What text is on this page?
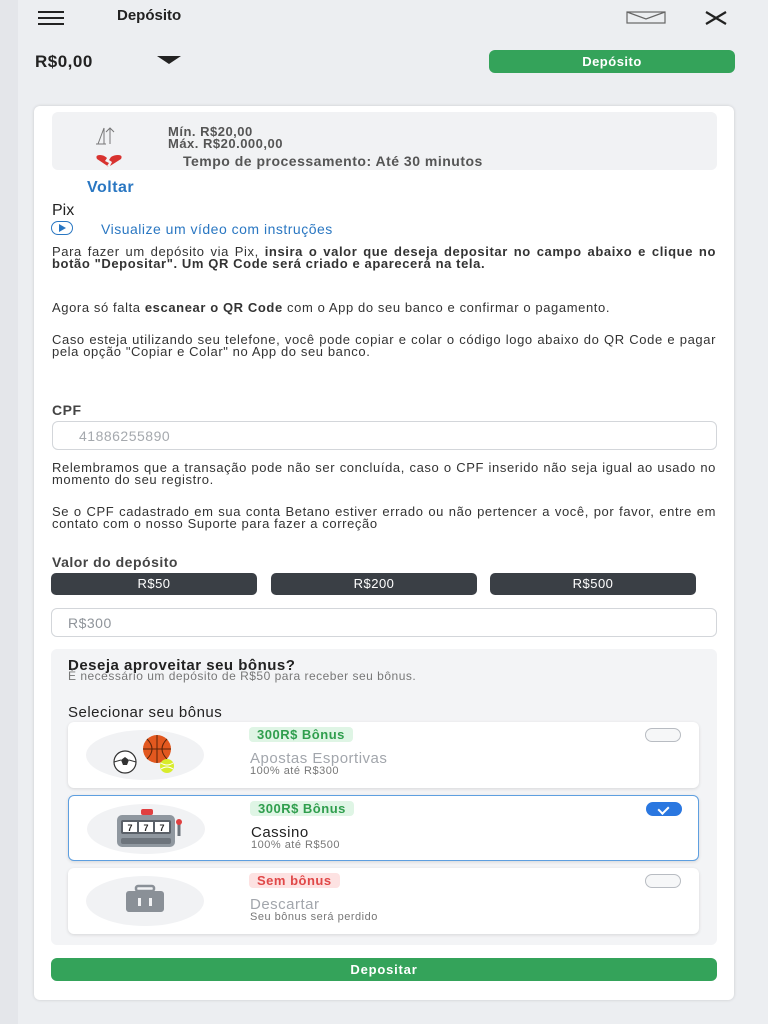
Depósito
R$0,00	Depósito
Mín. R$20,00
Máx. R$20.000,00
Tempo de processamento: Até 30 minutos
Voltar
Pix
Visualize um vídeo com instruções
Para fazer um depósito via Pix, insira o valor que deseja depositar no campo abaixo e clique no botão "Depositar". Um QR Code será criado e aparecerá na tela.
Agora só falta escanear o QR Code com o App do seu banco e confirmar o pagamento.
Caso esteja utilizando seu telefone, você pode copiar e colar o código logo abaixo do QR Code e pagar pela opção "Copiar e Colar" no App do seu banco.
CPF
41886255890
Relembramos que a transação pode não ser concluída, caso o CPF inserido não seja igual ao usado no momento do seu registro.
Se o CPF cadastrado em sua conta Betano estiver errado ou não pertencer a você, por favor, entre em contato com o nosso Suporte para fazer a correção
Valor do depósito
R$50	R$200	R$500
R$300
Deseja aproveitar seu bônus?
É necessário um depósito de R$50 para receber seu bônus.
Selecionar seu bônus
300R$ Bônus
Apostas Esportivas
100% até R$300
7 7 7
300R$ Bônus
Cassino
100% até R$500
Sem bônus
Descartar
Seu bônus será perdido
Depositar
